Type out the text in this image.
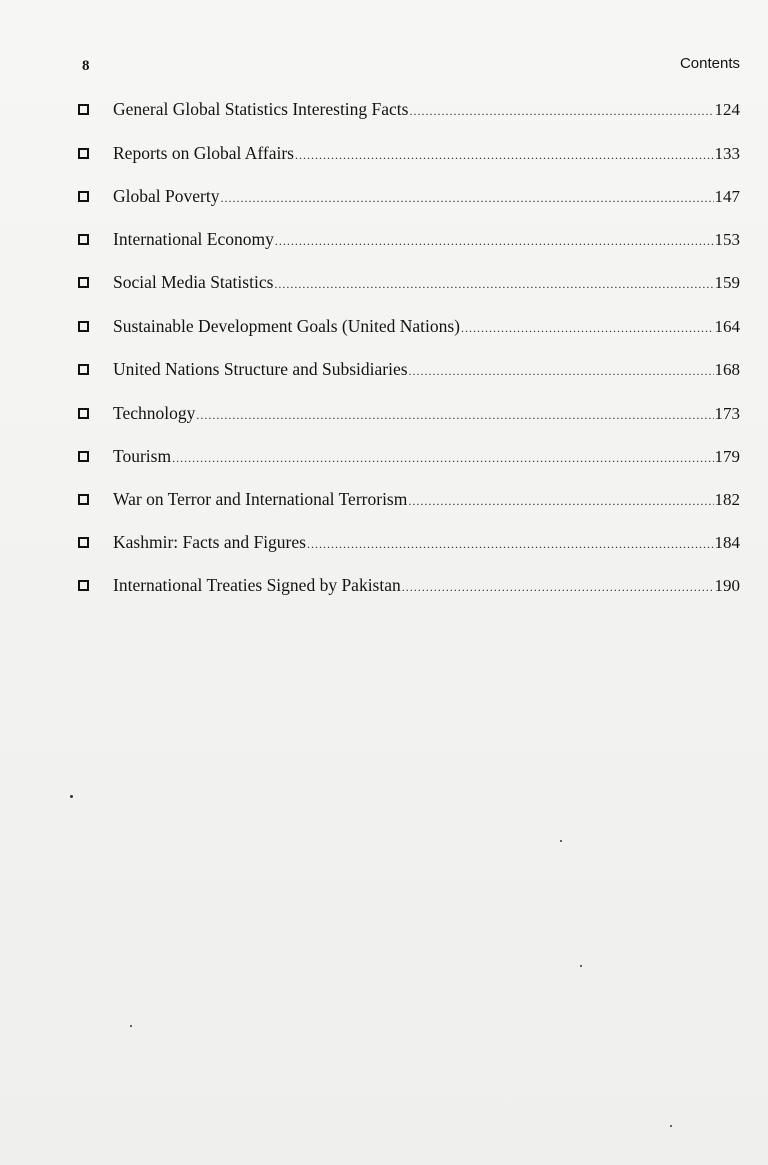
8	Contents
General Global Statistics Interesting Facts .....	124
Reports on Global Affairs .....	133
Global Poverty .....	147
International Economy .....	153
Social Media Statistics .....	159
Sustainable Development Goals (United Nations) .....	164
United Nations Structure and Subsidiaries .....	168
Technology .....	173
Tourism .....	179
War on Terror and International Terrorism .....	182
Kashmir: Facts and Figures .....	184
International Treaties Signed by Pakistan .....	190
